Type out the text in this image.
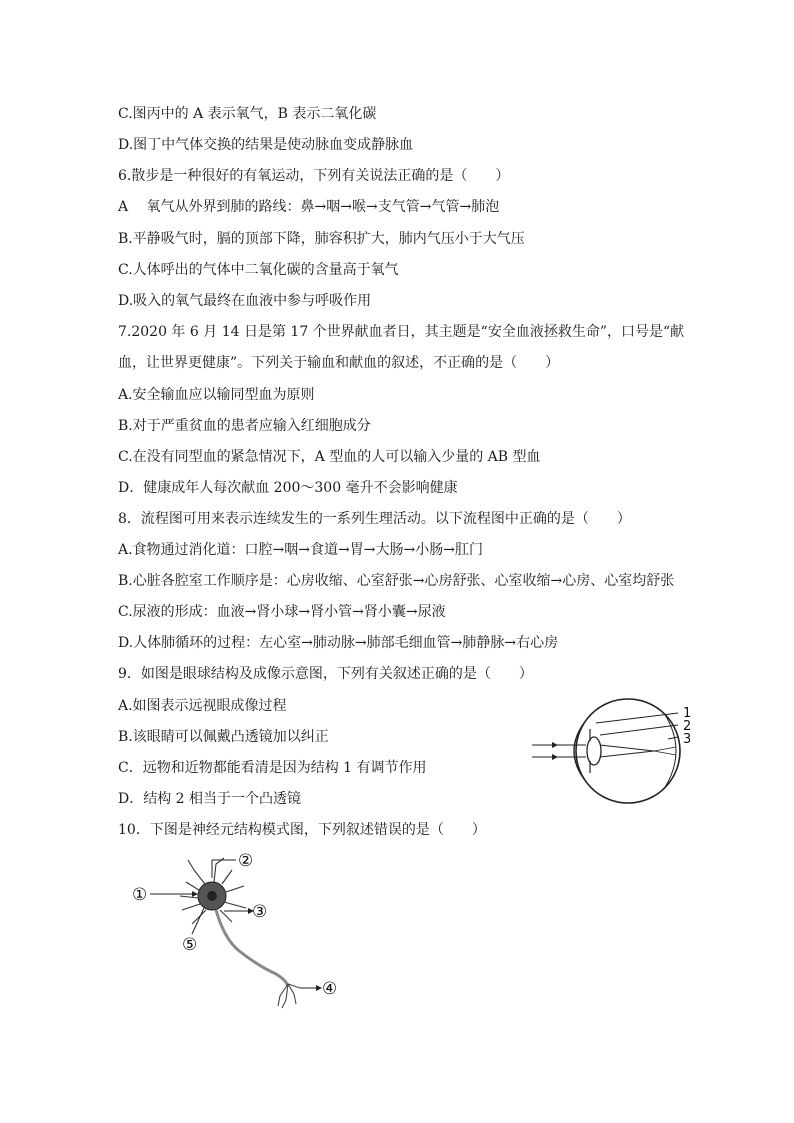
C.图丙中的 A 表示氧气，B 表示二氧化碳
D.图丁中气体交换的结果是使动脉血变成静脉血
6.散步是一种很好的有氧运动，下列有关说法正确的是（　　）
A　 氧气从外界到肺的路线：鼻→咽→喉→支气管→气管→肺泡
B.平静吸气时，膈的顶部下降，肺容积扩大，肺内气压小于大气压
C.人体呼出的气体中二氧化碳的含量高于氧气
D.吸入的氧气最终在血液中参与呼吸作用
7.2020 年 6 月 14 日是第 17 个世界献血者日，其主题是“安全血液拯救生命”，口号是“献
血，让世界更健康”。下列关于输血和献血的叙述，不正确的是（　　）
A.安全输血应以输同型血为原则
B.对于严重贫血的患者应输入红细胞成分
C.在没有同型血的紧急情况下，A 型血的人可以输入少量的 AB 型血
D．健康成年人每次献血 200～300 毫升不会影响健康
8．流程图可用来表示连续发生的一系列生理活动。以下流程图中正确的是（　　）
A.食物通过消化道：口腔→咽→食道→胃→大肠→小肠→肛门
B.心脏各腔室工作顺序是：心房收缩、心室舒张→心房舒张、心室收缩→心房、心室均舒张
C.尿液的形成：血液→肾小球→肾小管→肾小囊→尿液
D.人体肺循环的过程：左心室→肺动脉→肺部毛细血管→肺静脉→右心房
9．如图是眼球结构及成像示意图，下列有关叙述正确的是（　　）
A.如图表示远视眼成像过程
B.该眼睛可以佩戴凸透镜加以纠正
C．远物和近物都能看清是因为结构 1 有调节作用
D．结构 2 相当于一个凸透镜
10．下图是神经元结构模式图，下列叙述错误的是（　　）
1
2
3
①
②
③
④
⑤
